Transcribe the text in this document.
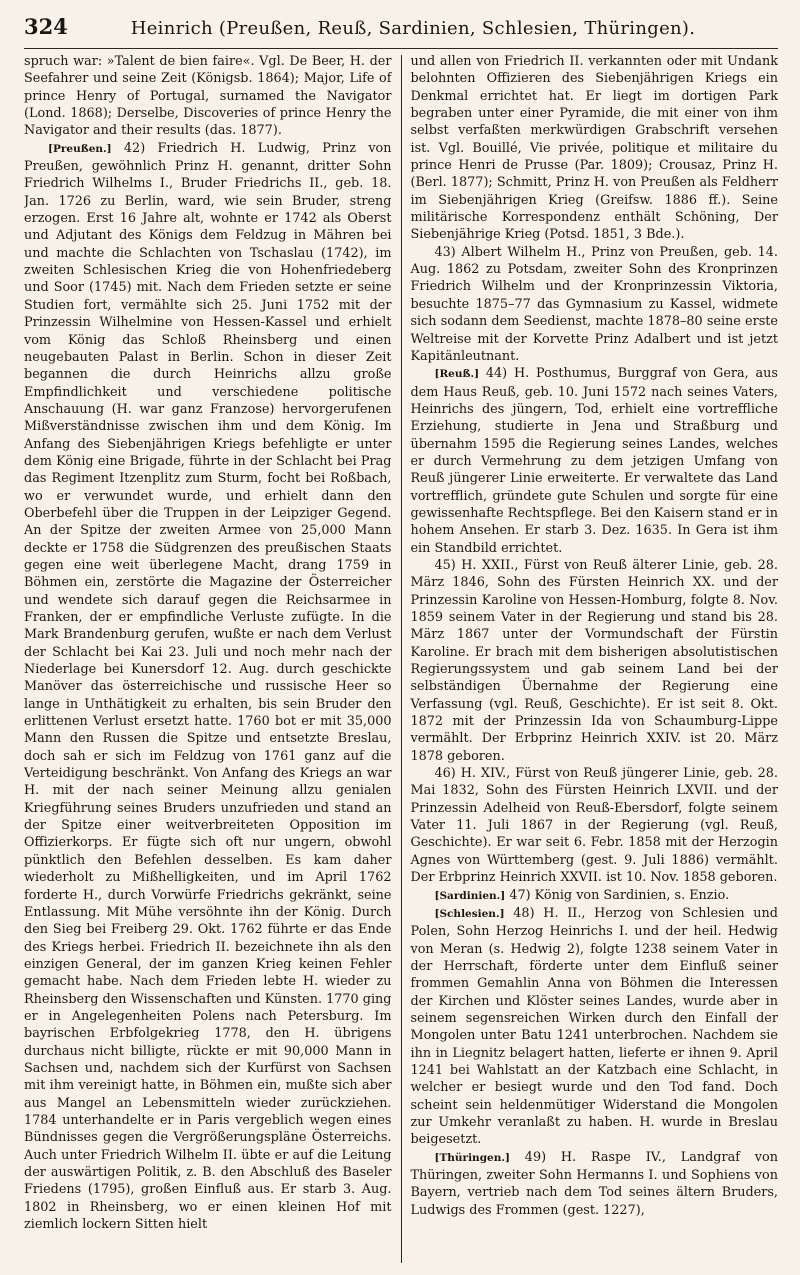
324	Heinrich (Preußen, Reuß, Sardinien, Schlesien, Thüringen).

spruch war: »Talent de bien faire«. Vgl. De Beer, H. der Seefahrer und seine Zeit (Königsb. 1864); Major, Life of prince Henry of Portugal, surnamed the Navigator (Lond. 1868); Derselbe, Discoveries of prince Henry the Navigator and their results (das. 1877).

[Preußen.] 42) Friedrich H. Ludwig, Prinz von Preußen, gewöhnlich Prinz H. genannt, dritter Sohn Friedrich Wilhelms I., Bruder Friedrichs II., geb. 18. Jan. 1726 zu Berlin, ward, wie sein Bruder, streng erzogen. Erst 16 Jahre alt, wohnte er 1742 als Oberst und Adjutant des Königs dem Feldzug in Mähren bei und machte die Schlachten von Tschaslau (1742), im zweiten Schlesischen Krieg die von Hohenfriedeberg und Soor (1745) mit. Nach dem Frieden setzte er seine Studien fort, vermählte sich 25. Juni 1752 mit der Prinzessin Wilhelmine von Hessen-Kassel und erhielt vom König das Schloß Rheinsberg und einen neugebauten Palast in Berlin. Schon in dieser Zeit begannen die durch Heinrichs allzu große Empfindlichkeit und verschiedene politische Anschauung (H. war ganz Franzose) hervorgerufenen Mißverständnisse zwischen ihm und dem König. Im Anfang des Siebenjährigen Kriegs befehligte er unter dem König eine Brigade, führte in der Schlacht bei Prag das Regiment Itzenplitz zum Sturm, focht bei Roßbach, wo er verwundet wurde, und erhielt dann den Oberbefehl über die Truppen in der Leipziger Gegend. An der Spitze der zweiten Armee von 25,000 Mann deckte er 1758 die Südgrenzen des preußischen Staats gegen eine weit überlegene Macht, drang 1759 in Böhmen ein, zerstörte die Magazine der Österreicher und wendete sich darauf gegen die Reichsarmee in Franken, der er empfindliche Verluste zufügte. In die Mark Brandenburg gerufen, wußte er nach dem Verlust der Schlacht bei Kai 23. Juli und noch mehr nach der Niederlage bei Kunersdorf 12. Aug. durch geschickte Manöver das österreichische und russische Heer so lange in Unthätigkeit zu erhalten, bis sein Bruder den erlittenen Verlust ersetzt hatte. 1760 bot er mit 35,000 Mann den Russen die Spitze und entsetzte Breslau, doch sah er sich im Feldzug von 1761 ganz auf die Verteidigung beschränkt. Von Anfang des Kriegs an war H. mit der nach seiner Meinung allzu genialen Kriegführung seines Bruders unzufrieden und stand an der Spitze einer weitverbreiteten Opposition im Offizierkorps. Er fügte sich oft nur ungern, obwohl pünktlich den Befehlen desselben. Es kam daher wiederholt zu Mißhelligkeiten, und im April 1762 forderte H., durch Vorwürfe Friedrichs gekränkt, seine Entlassung. Mit Mühe versöhnte ihn der König. Durch den Sieg bei Freiberg 29. Okt. 1762 führte er das Ende des Kriegs herbei. Friedrich II. bezeichnete ihn als den einzigen General, der im ganzen Krieg keinen Fehler gemacht habe. Nach dem Frieden lebte H. wieder zu Rheinsberg den Wissenschaften und Künsten. 1770 ging er in Angelegenheiten Polens nach Petersburg. Im bayrischen Erbfolgekrieg 1778, den H. übrigens durchaus nicht billigte, rückte er mit 90,000 Mann in Sachsen und, nachdem sich der Kurfürst von Sachsen mit ihm vereinigt hatte, in Böhmen ein, mußte sich aber aus Mangel an Lebensmitteln wieder zurückziehen. 1784 unterhandelte er in Paris vergeblich wegen eines Bündnisses gegen die Vergrößerungspläne Österreichs. Auch unter Friedrich Wilhelm II. übte er auf die Leitung der auswärtigen Politik, z. B. den Abschluß des Baseler Friedens (1795), großen Einfluß aus. Er starb 3. Aug. 1802 in Rheinsberg, wo er einen kleinen Hof mit ziemlich lockern Sitten hielt

und allen von Friedrich II. verkannten oder mit Undank belohnten Offizieren des Siebenjährigen Kriegs ein Denkmal errichtet hat. Er liegt im dortigen Park begraben unter einer Pyramide, die mit einer von ihm selbst verfaßten merkwürdigen Grabschrift versehen ist. Vgl. Bouillé, Vie privée, politique et militaire du prince Henri de Prusse (Par. 1809); Crousaz, Prinz H. (Berl. 1877); Schmitt, Prinz H. von Preußen als Feldherr im Siebenjährigen Krieg (Greifsw. 1886 ff.). Seine militärische Korrespondenz enthält Schöning, Der Siebenjährige Krieg (Potsd. 1851, 3 Bde.).

43) Albert Wilhelm H., Prinz von Preußen, geb. 14. Aug. 1862 zu Potsdam, zweiter Sohn des Kronprinzen Friedrich Wilhelm und der Kronprinzessin Viktoria, besuchte 1875–77 das Gymnasium zu Kassel, widmete sich sodann dem Seedienst, machte 1878–80 seine erste Weltreise mit der Korvette Prinz Adalbert und ist jetzt Kapitänleutnant.

[Reuß.] 44) H. Posthumus, Burggraf von Gera, aus dem Haus Reuß, geb. 10. Juni 1572 nach seines Vaters, Heinrichs des jüngern, Tod, erhielt eine vortreffliche Erziehung, studierte in Jena und Straßburg und übernahm 1595 die Regierung seines Landes, welches er durch Vermehrung zu dem jetzigen Umfang von Reuß jüngerer Linie erweiterte. Er verwaltete das Land vortrefflich, gründete gute Schulen und sorgte für eine gewissenhafte Rechtspflege. Bei den Kaisern stand er in hohem Ansehen. Er starb 3. Dez. 1635. In Gera ist ihm ein Standbild errichtet.

45) H. XXII., Fürst von Reuß älterer Linie, geb. 28. März 1846, Sohn des Fürsten Heinrich XX. und der Prinzessin Karoline von Hessen-Homburg, folgte 8. Nov. 1859 seinem Vater in der Regierung und stand bis 28. März 1867 unter der Vormundschaft der Fürstin Karoline. Er brach mit dem bisherigen absolutistischen Regierungssystem und gab seinem Land bei der selbständigen Übernahme der Regierung eine Verfassung (vgl. Reuß, Geschichte). Er ist seit 8. Okt. 1872 mit der Prinzessin Ida von Schaumburg-Lippe vermählt. Der Erbprinz Heinrich XXIV. ist 20. März 1878 geboren.

46) H. XIV., Fürst von Reuß jüngerer Linie, geb. 28. Mai 1832, Sohn des Fürsten Heinrich LXVII. und der Prinzessin Adelheid von Reuß-Ebersdorf, folgte seinem Vater 11. Juli 1867 in der Regierung (vgl. Reuß, Geschichte). Er war seit 6. Febr. 1858 mit der Herzogin Agnes von Württemberg (gest. 9. Juli 1886) vermählt. Der Erbprinz Heinrich XXVII. ist 10. Nov. 1858 geboren.

[Sardinien.] 47) König von Sardinien, s. Enzio.

[Schlesien.] 48) H. II., Herzog von Schlesien und Polen, Sohn Herzog Heinrichs I. und der heil. Hedwig von Meran (s. Hedwig 2), folgte 1238 seinem Vater in der Herrschaft, förderte unter dem Einfluß seiner frommen Gemahlin Anna von Böhmen die Interessen der Kirchen und Klöster seines Landes, wurde aber in seinem segensreichen Wirken durch den Einfall der Mongolen unter Batu 1241 unterbrochen. Nachdem sie ihn in Liegnitz belagert hatten, lieferte er ihnen 9. April 1241 bei Wahlstatt an der Katzbach eine Schlacht, in welcher er besiegt wurde und den Tod fand. Doch scheint sein heldenmütiger Widerstand die Mongolen zur Umkehr veranlaßt zu haben. H. wurde in Breslau beigesetzt.

[Thüringen.] 49) H. Raspe IV., Landgraf von Thüringen, zweiter Sohn Hermanns I. und Sophiens von Bayern, vertrieb nach dem Tod seines ältern Bruders, Ludwigs des Frommen (gest. 1227),
